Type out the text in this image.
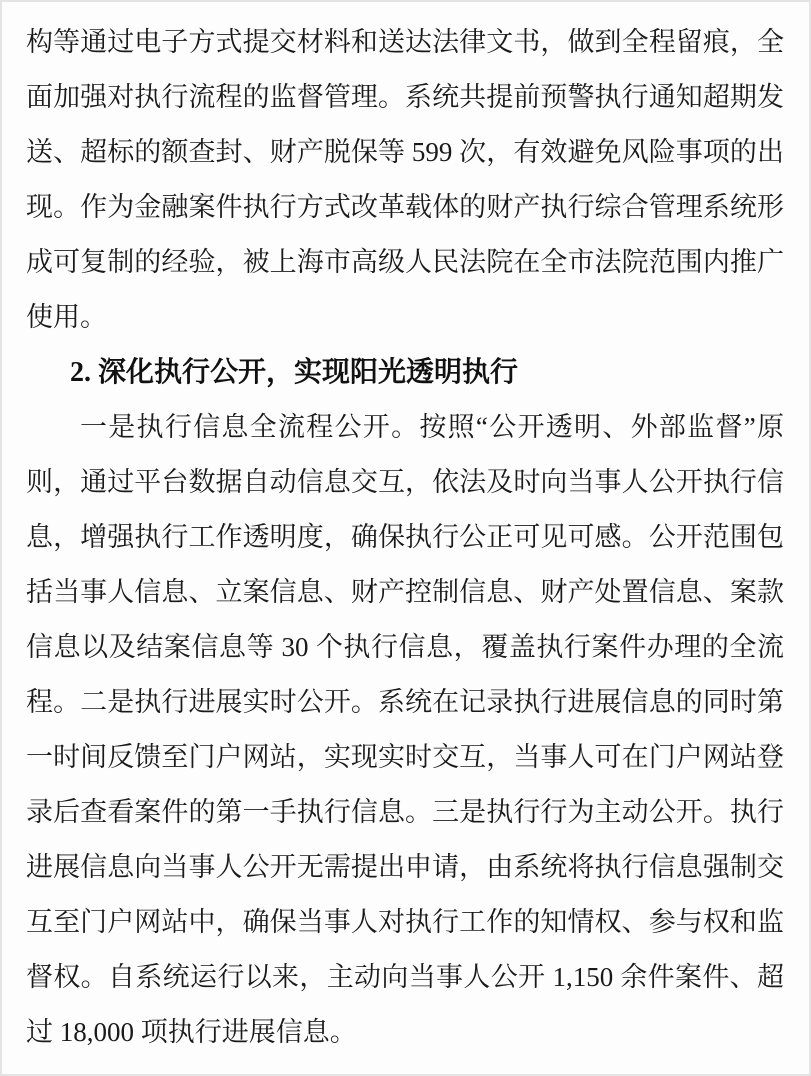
构等通过电子方式提交材料和送达法律文书，做到全程留痕，全
面加强对执行流程的监督管理。系统共提前预警执行通知超期发
送、超标的额查封、财产脱保等 599 次，有效避免风险事项的出
现。作为金融案件执行方式改革载体的财产执行综合管理系统形
成可复制的经验，被上海市高级人民法院在全市法院范围内推广
使用。
2. 深化执行公开，实现阳光透明执行
一是执行信息全流程公开。按照“公开透明、外部监督”原
则，通过平台数据自动信息交互，依法及时向当事人公开执行信
息，增强执行工作透明度，确保执行公正可见可感。公开范围包
括当事人信息、立案信息、财产控制信息、财产处置信息、案款
信息以及结案信息等 30 个执行信息，覆盖执行案件办理的全流
程。二是执行进展实时公开。系统在记录执行进展信息的同时第
一时间反馈至门户网站，实现实时交互，当事人可在门户网站登
录后查看案件的第一手执行信息。三是执行行为主动公开。执行
进展信息向当事人公开无需提出申请，由系统将执行信息强制交
互至门户网站中，确保当事人对执行工作的知情权、参与权和监
督权。自系统运行以来，主动向当事人公开 1,150 余件案件、超
过 18,000 项执行进展信息。
